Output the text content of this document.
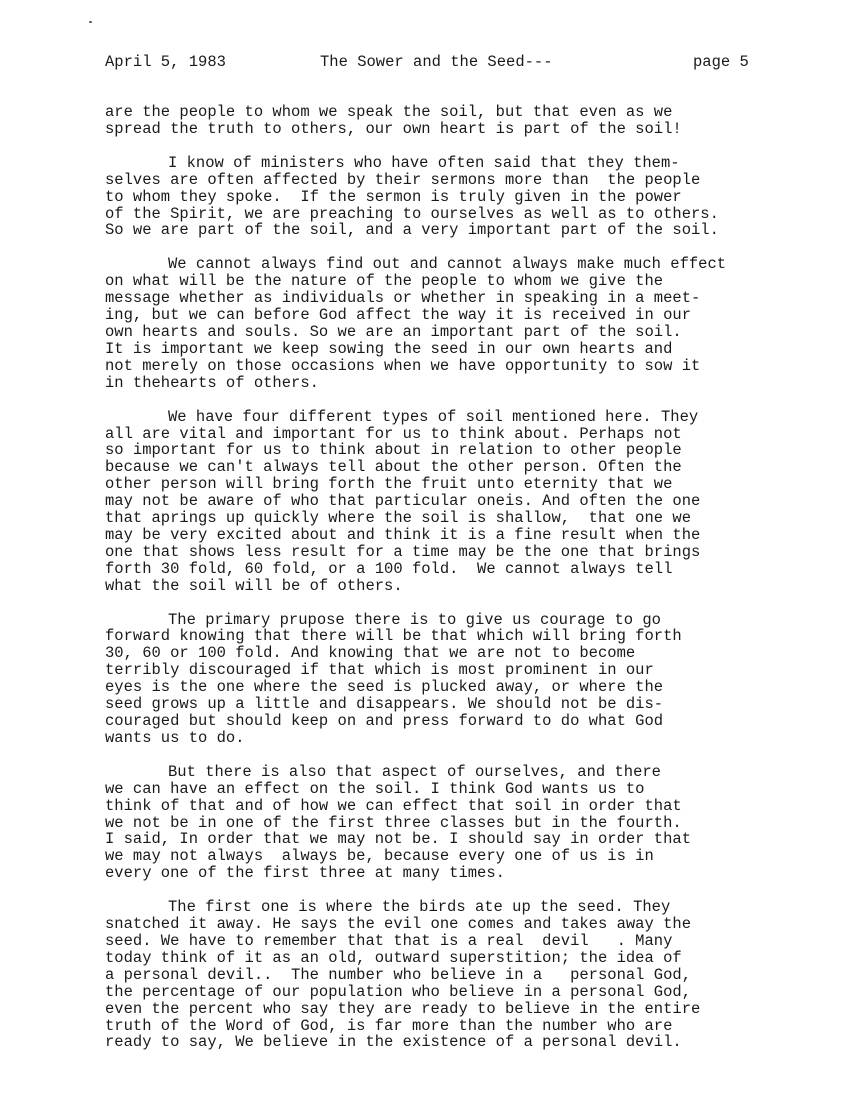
April 5, 1983	The Sower and the Seed---	page 5
are the people to whom we speak the soil, but that even as we
spread the truth to others, our own heart is part of the soil!
I know of ministers who have often said that they them-
selves are often affected by their sermons more than  the people
to whom they spoke.  If the sermon is truly given in the power
of the Spirit, we are preaching to ourselves as well as to others.
So we are part of the soil, and a very important part of the soil.
We cannot always find out and cannot always make much effect
on what will be the nature of the people to whom we give the
message whether as individuals or whether in speaking in a meet-
ing, but we can before God affect the way it is received in our
own hearts and souls. So we are an important part of the soil.
It is important we keep sowing the seed in our own hearts and
not merely on those occasions when we have opportunity to sow it
in thehearts of others.
We have four different types of soil mentioned here. They
all are vital and important for us to think about. Perhaps not
so important for us to think about in relation to other people
because we can't always tell about the other person. Often the
other person will bring forth the fruit unto eternity that we
may not be aware of who that particular oneis. And often the one
that aprings up quickly where the soil is shallow,  that one we
may be very excited about and think it is a fine result when the
one that shows less result for a time may be the one that brings
forth 30 fold, 60 fold, or a 100 fold.  We cannot always tell
what the soil will be of others.
The primary prupose there is to give us courage to go
forward knowing that there will be that which will bring forth
30, 60 or 100 fold. And knowing that we are not to become
terribly discouraged if that which is most prominent in our
eyes is the one where the seed is plucked away, or where the
seed grows up a little and disappears. We should not be dis-
couraged but should keep on and press forward to do what God
wants us to do.
But there is also that aspect of ourselves, and there
we can have an effect on the soil. I think God wants us to
think of that and of how we can effect that soil in order that
we not be in one of the first three classes but in the fourth.
I said, In order that we may not be. I should say in order that
we may not always  always be, because every one of us is in
every one of the first three at many times.
The first one is where the birds ate up the seed. They
snatched it away. He says the evil one comes and takes away the
seed. We have to remember that that is a real  devil   . Many
today think of it as an old, outward superstition; the idea of
a personal devil..  The number who believe in a   personal God,
the percentage of our population who believe in a personal God,
even the percent who say they are ready to believe in the entire
truth of the Word of God, is far more than the number who are
ready to say, We believe in the existence of a personal devil.
